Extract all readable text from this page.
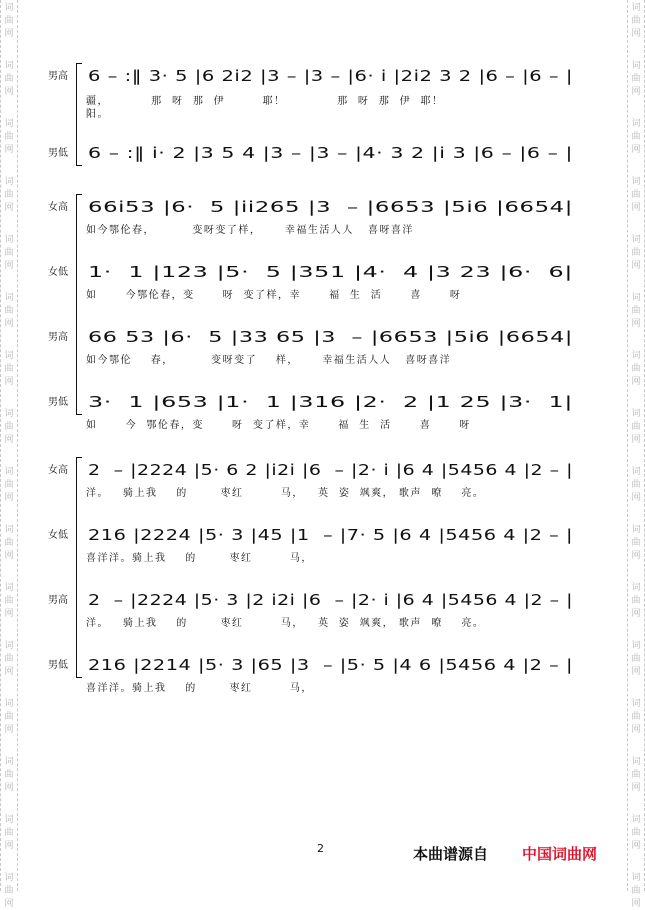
词
曲
网
词
曲
网
词
曲
网
词
曲
网
词
曲
网
词
曲
网
词
曲
网
词
曲
网
词
曲
网
词
曲
网
词
曲
网
词
曲
网
词
曲
网
词
曲
网
词
曲
网
词
曲
网
词
曲
网
词
曲
网
词
曲
网
词
曲
网
词
曲
网
词
曲
网
词
曲
网
词
曲
网
词
曲
网
词
曲
网
词
曲
网
词
曲
网
词
曲
网
词
曲
网
词
曲
网
词
曲
网
男高 6 – :‖ 3· 5 |6 2i2 |3 – |3 – |6· i |2i2 3 2 |6 – |6 – |
疆，         那  呀  那  伊        耶！           那  呀  那  伊  耶！
阳。
男低 6 – :‖ i· 2 |3 5 4 |3 – |3 – |4· 3 2 |i 3 |6 – |6 – |
女高 66i53 |6·  5 |ii265 |3  – |6653 |5i6 |6654|
如今鄂伦春，        变呀变了样，     幸福生活人人   喜呀喜洋
女低 1·  1 |123 |5·  5 |351 |4·  4 |3 23 |6·  6|
如      今鄂伦春，变      呀  变了样，幸      福  生  活      喜      呀
男高 66 53 |6·  5 |33 65 |3  – |6653 |5i6 |6654|
如今鄂伦    春，        变呀变了    样，     幸福生活人人   喜呀喜洋
男低 3·  1 |653 |1·  1 |316 |2·  2 |1 25 |3·  1|
如      今  鄂伦春，变      呀  变了样，幸      福  生  活      喜      呀
女高 2  – |2224 |5· 6 2 |i2i |6  – |2· i |6 4 |5456 4 |2 – |
洋。   骑上我    的       枣红        马，   英  姿  飒爽， 歌声  嘹    亮。
女低 216 |2224 |5· 3 |45 |1  – |7· 5 |6 4 |5456 4 |2 – |
喜洋洋。骑上我    的       枣红        马，
男高 2  – |2224 |5· 3 |2 i2i |6  – |2· i |6 4 |5456 4 |2 – |
洋。   骑上我    的       枣红        马，   英  姿  飒爽， 歌声  嘹    亮。
男低 216 |2214 |5· 3 |65 |3  – |5· 5 |4 6 |5456 4 |2 – |
喜洋洋。骑上我    的       枣红        马，
2	本曲谱源自 中国词曲网
